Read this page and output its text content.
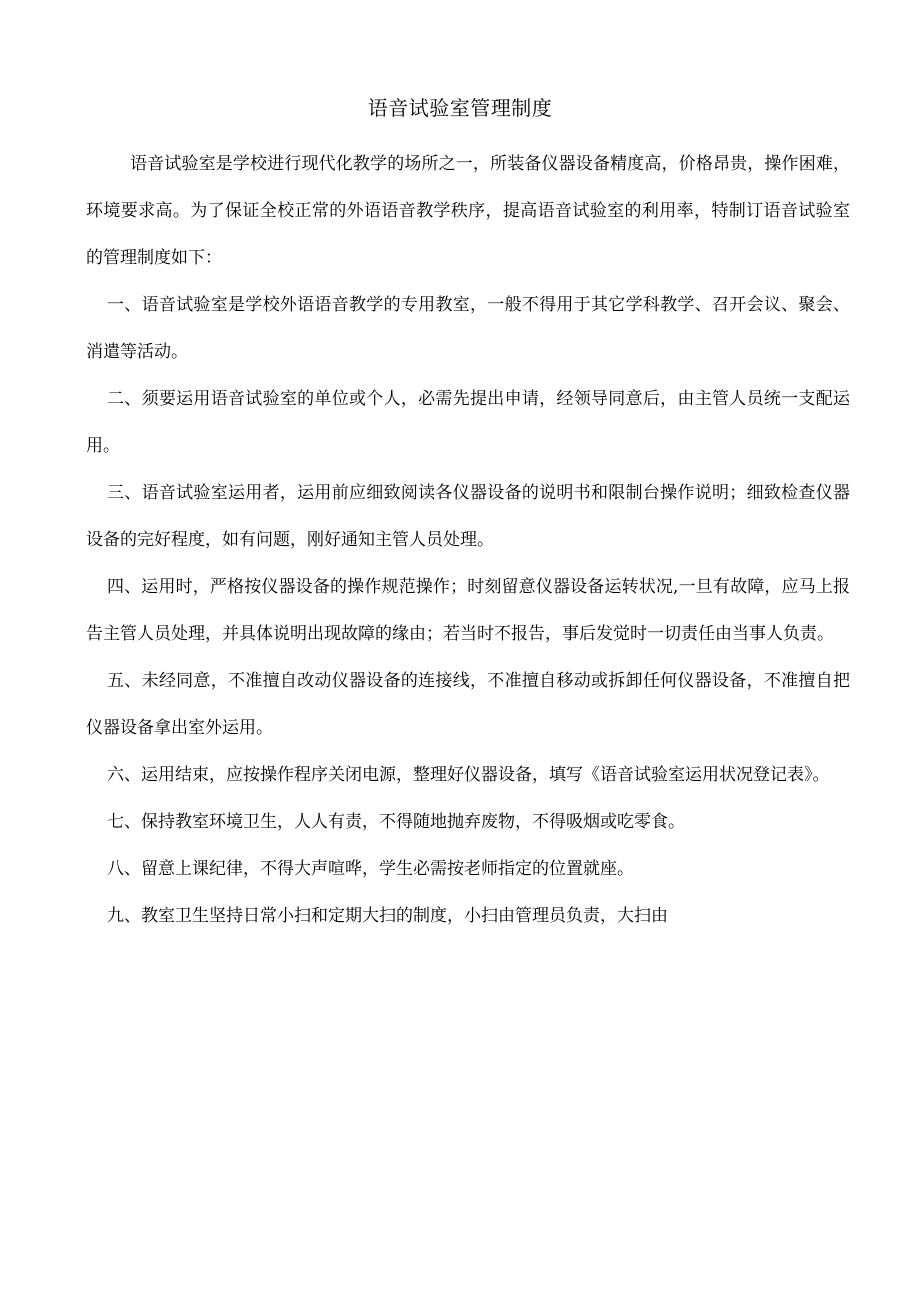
语音试验室管理制度

语音试验室是学校进行现代化教学的场所之一，所装备仪器设备精度高，价格昂贵，操作困难，环境要求高。为了保证全校正常的外语语音教学秩序，提高语音试验室的利用率，特制订语音试验室的管理制度如下：

一、语音试验室是学校外语语音教学的专用教室，一般不得用于其它学科教学、召开会议、聚会、消遣等活动。

二、须要运用语音试验室的单位或个人，必需先提出申请，经领导同意后，由主管人员统一支配运用。

三、语音试验室运用者，运用前应细致阅读各仪器设备的说明书和限制台操作说明；细致检查仪器设备的完好程度，如有问题，刚好通知主管人员处理。

四、运用时，严格按仪器设备的操作规范操作；时刻留意仪器设备运转状况,一旦有故障，应马上报告主管人员处理，并具体说明出现故障的缘由；若当时不报告，事后发觉时一切责任由当事人负责。

五、未经同意，不准擅自改动仪器设备的连接线，不准擅自移动或拆卸任何仪器设备，不准擅自把仪器设备拿出室外运用。

六、运用结束，应按操作程序关闭电源，整理好仪器设备，填写《语音试验室运用状况登记表》。

七、保持教室环境卫生，人人有责，不得随地抛弃废物，不得吸烟或吃零食。

八、留意上课纪律，不得大声喧哗，学生必需按老师指定的位置就座。

九、教室卫生坚持日常小扫和定期大扫的制度，小扫由管理员负责，大扫由
